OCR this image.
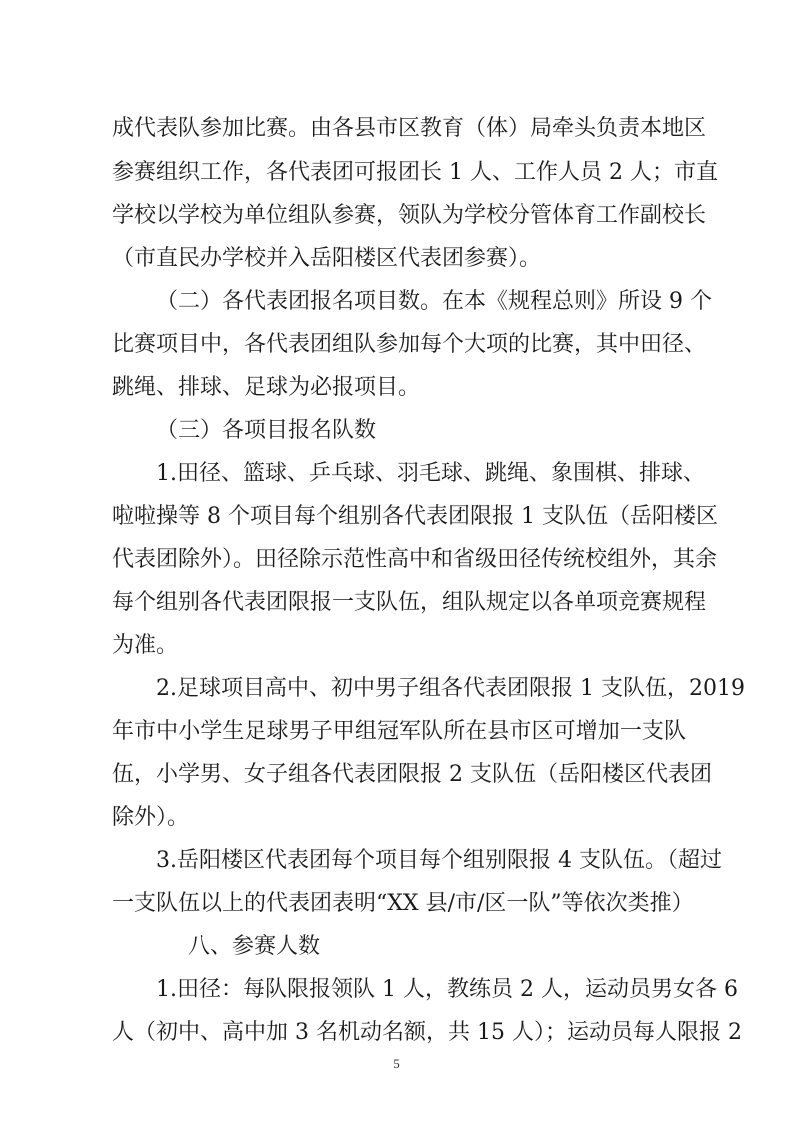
成代表队参加比赛。由各县市区教育（体）局牵头负责本地区
参赛组织工作，各代表团可报团长 1 人、工作人员 2 人；市直
学校以学校为单位组队参赛，领队为学校分管体育工作副校长
（市直民办学校并入岳阳楼区代表团参赛）。
（二）各代表团报名项目数。在本《规程总则》所设 9 个
比赛项目中，各代表团组队参加每个大项的比赛，其中田径、
跳绳、排球、足球为必报项目。
（三）各项目报名队数
1.田径、篮球、乒乓球、羽毛球、跳绳、象围棋、排球、
啦啦操等 8 个项目每个组别各代表团限报 1 支队伍（岳阳楼区
代表团除外）。田径除示范性高中和省级田径传统校组外，其余
每个组别各代表团限报一支队伍，组队规定以各单项竞赛规程
为准。
2.足球项目高中、初中男子组各代表团限报 1 支队伍，2019
年市中小学生足球男子甲组冠军队所在县市区可增加一支队
伍，小学男、女子组各代表团限报 2 支队伍（岳阳楼区代表团
除外）。
3.岳阳楼区代表团每个项目每个组别限报 4 支队伍。（超过
一支队伍以上的代表团表明“XX 县/市/区一队”等依次类推）
八、参赛人数
1.田径：每队限报领队 1 人，教练员 2 人，运动员男女各 6
人（初中、高中加 3 名机动名额，共 15 人）；运动员每人限报 2
5
